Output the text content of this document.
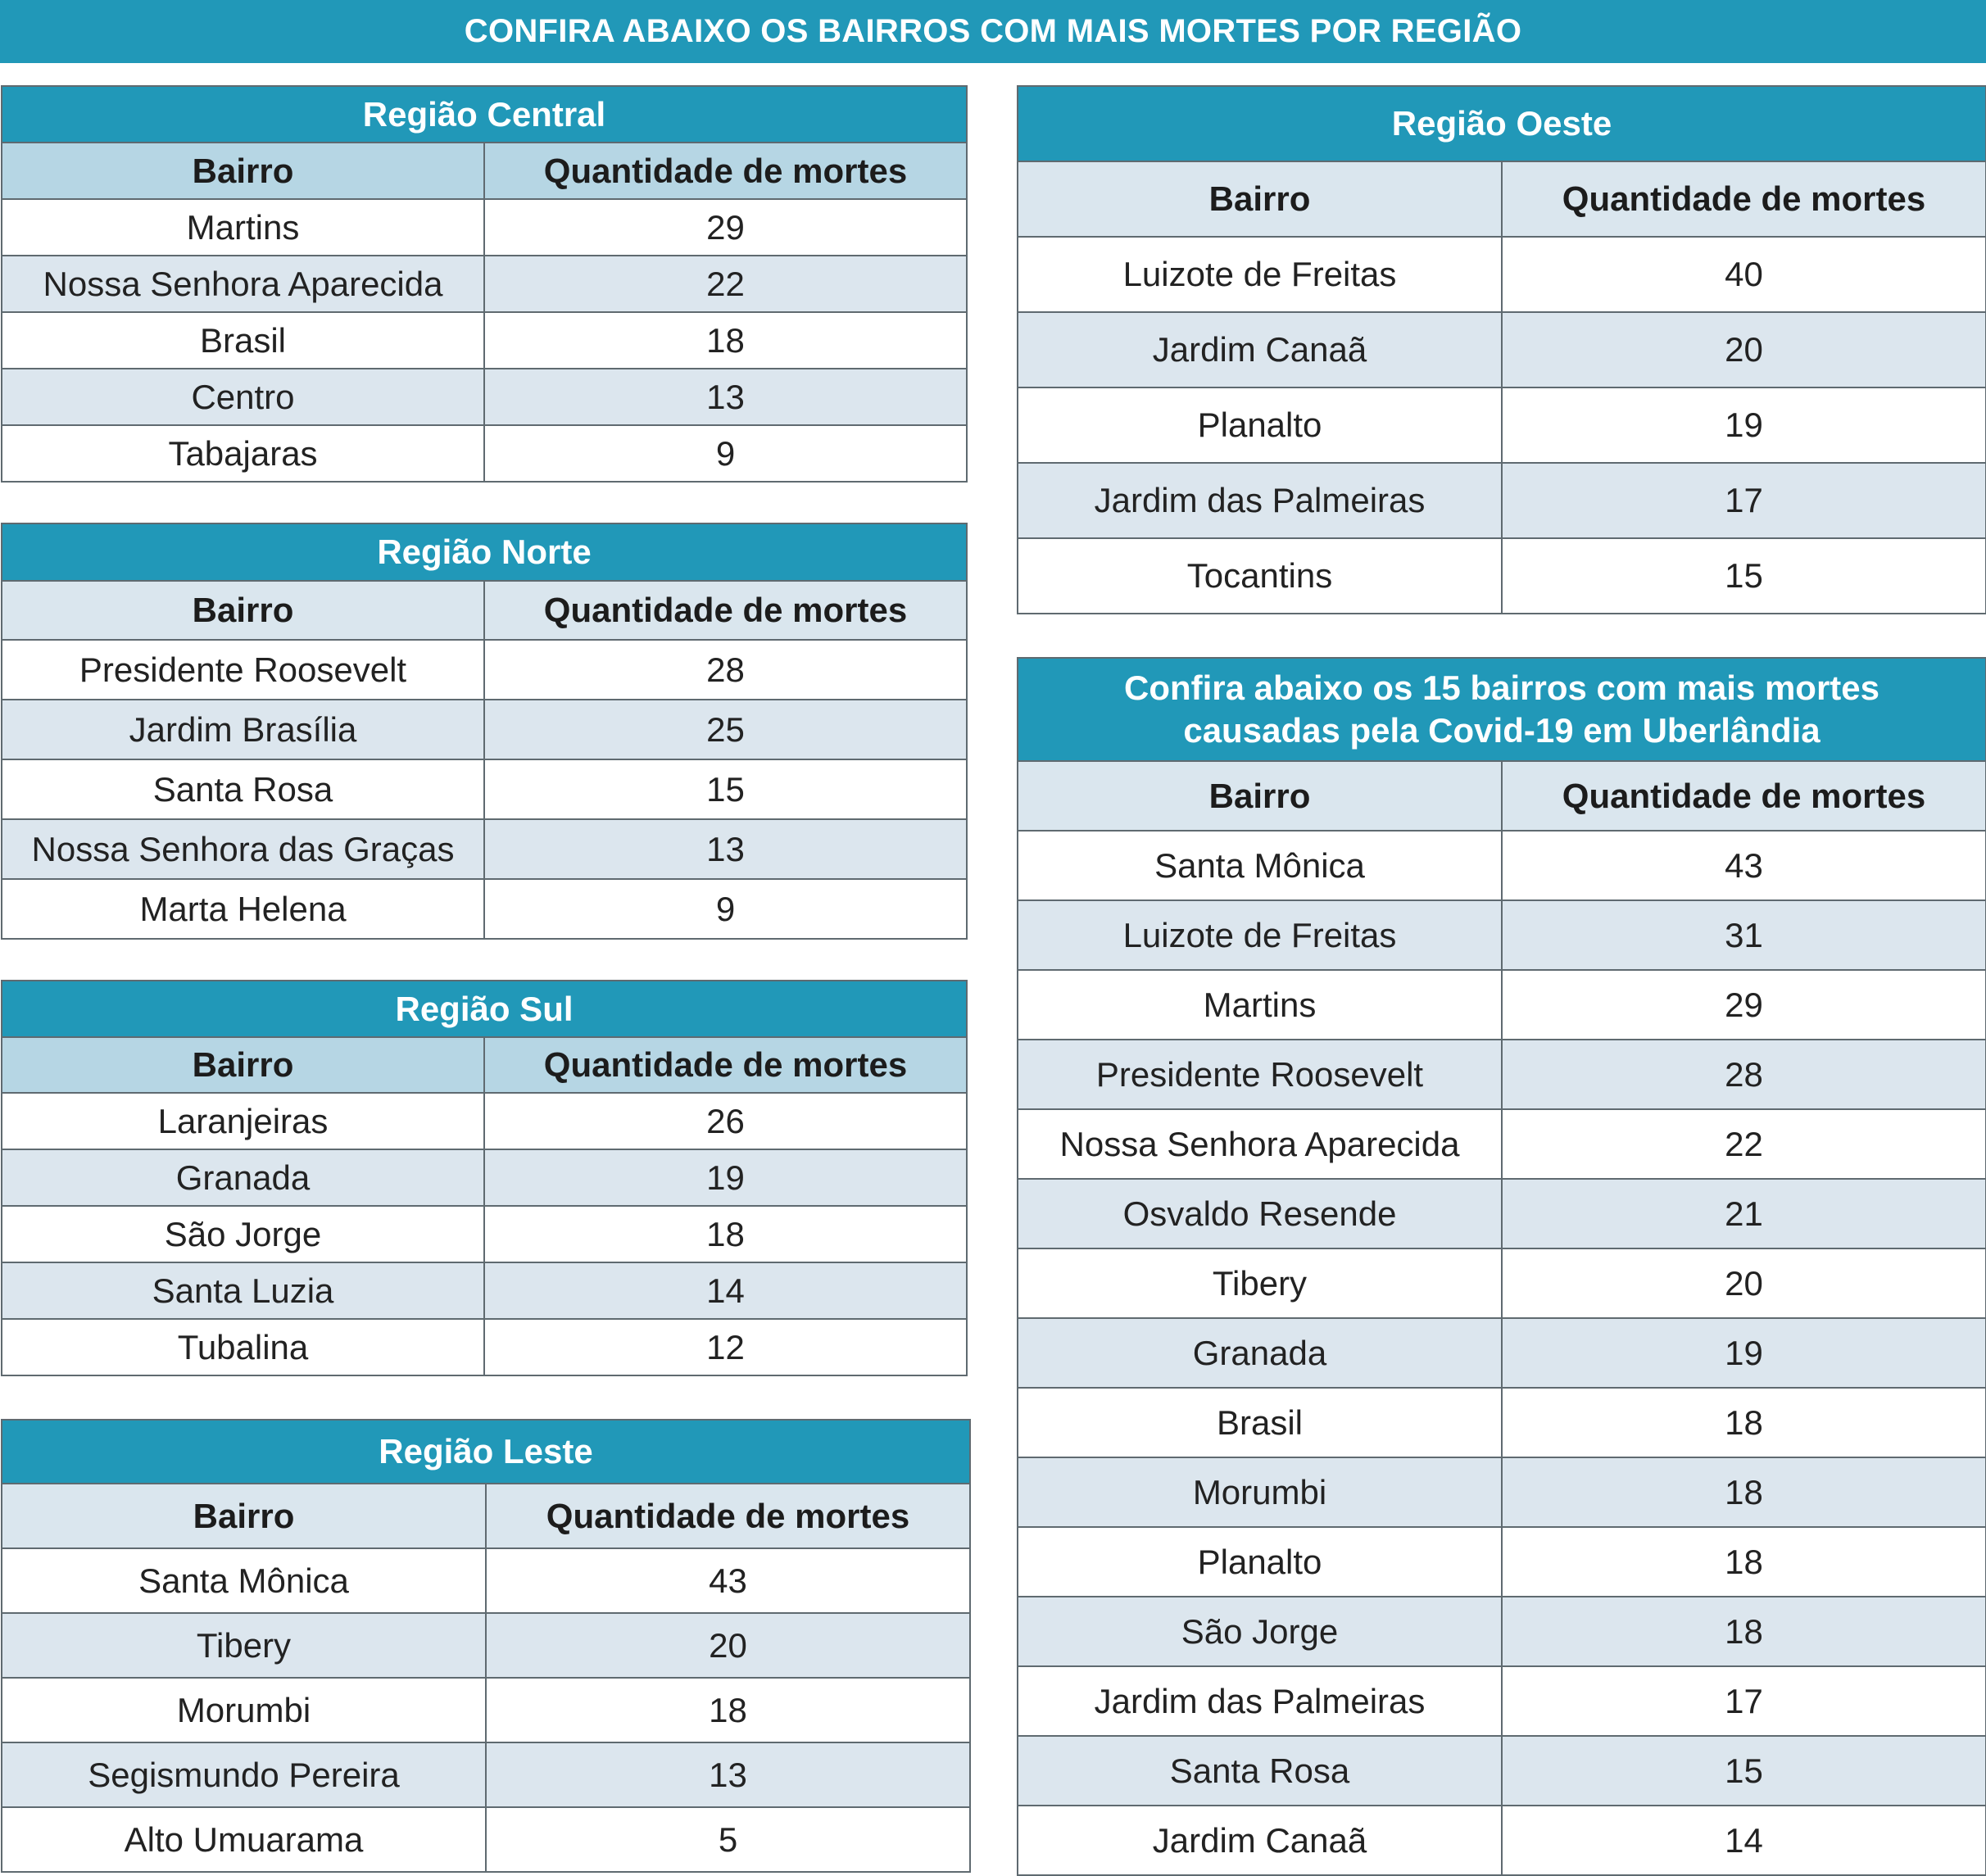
CONFIRA ABAIXO OS BAIRROS COM MAIS MORTES POR REGIÃO
Região Central	
Bairro	Quantidade de mortes
Martins	29
Nossa Senhora Aparecida	22
Brasil	18
Centro	13
Tabajaras	9
Região Norte	
Bairro	Quantidade de mortes
Presidente Roosevelt	28
Jardim Brasília	25
Santa Rosa	15
Nossa Senhora das Graças	13
Marta Helena	9
Região Sul	
Bairro	Quantidade de mortes
Laranjeiras	26
Granada	19
São Jorge	18
Santa Luzia	14
Tubalina	12
Região Leste	
Bairro	Quantidade de mortes
Santa Mônica	43
Tibery	20
Morumbi	18
Segismundo Pereira	13
Alto Umuarama	5
Região Oeste	
Bairro	Quantidade de mortes
Luizote de Freitas	40
Jardim Canaã	20
Planalto	19
Jardim das Palmeiras	17
Tocantins	15
Confira abaixo os 15 bairros com mais mortes causadas pela Covid-19 em Uberlândia	
Bairro	Quantidade de mortes
Santa Mônica	43
Luizote de Freitas	31
Martins	29
Presidente Roosevelt	28
Nossa Senhora Aparecida	22
Osvaldo Resende	21
Tibery	20
Granada	19
Brasil	18
Morumbi	18
Planalto	18
São Jorge	18
Jardim das Palmeiras	17
Santa Rosa	15
Jardim Canaã	14
